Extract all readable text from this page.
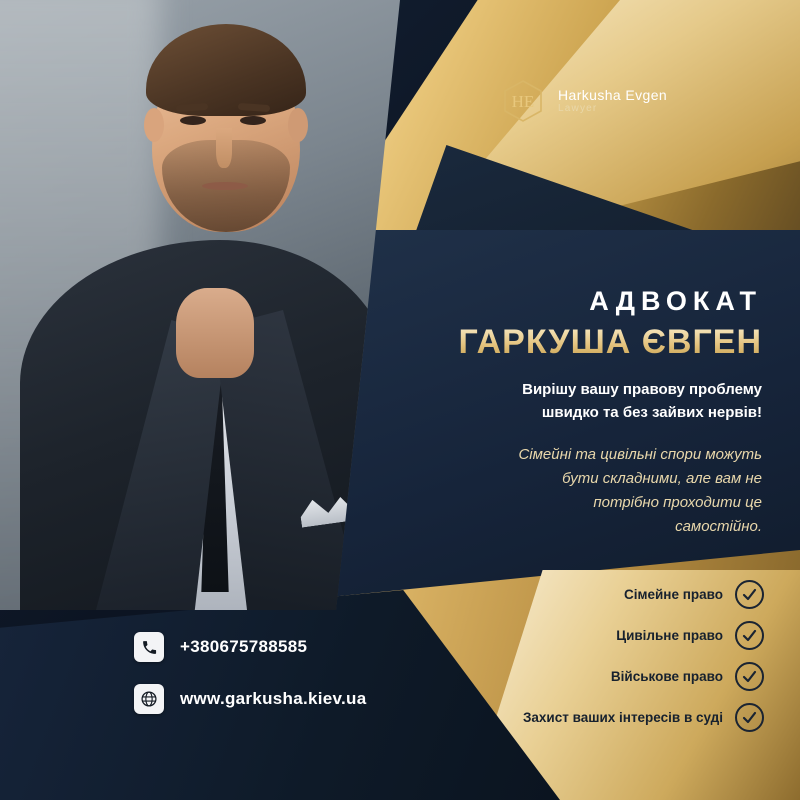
HE Harkusha Evgen
Lawyer
АДВОКАТ
ГАРКУША ЄВГЕН
Вирішу вашу правову проблему
швидко та без зайвих нервів!
Сімейні та цивільні спори можуть
бути складними, але вам не
потрібно проходити це
самостійно.
Сімейне право
Цивільне право
Військове право
Захист ваших інтересів в суді
+380675788585
www.garkusha.kiev.ua
